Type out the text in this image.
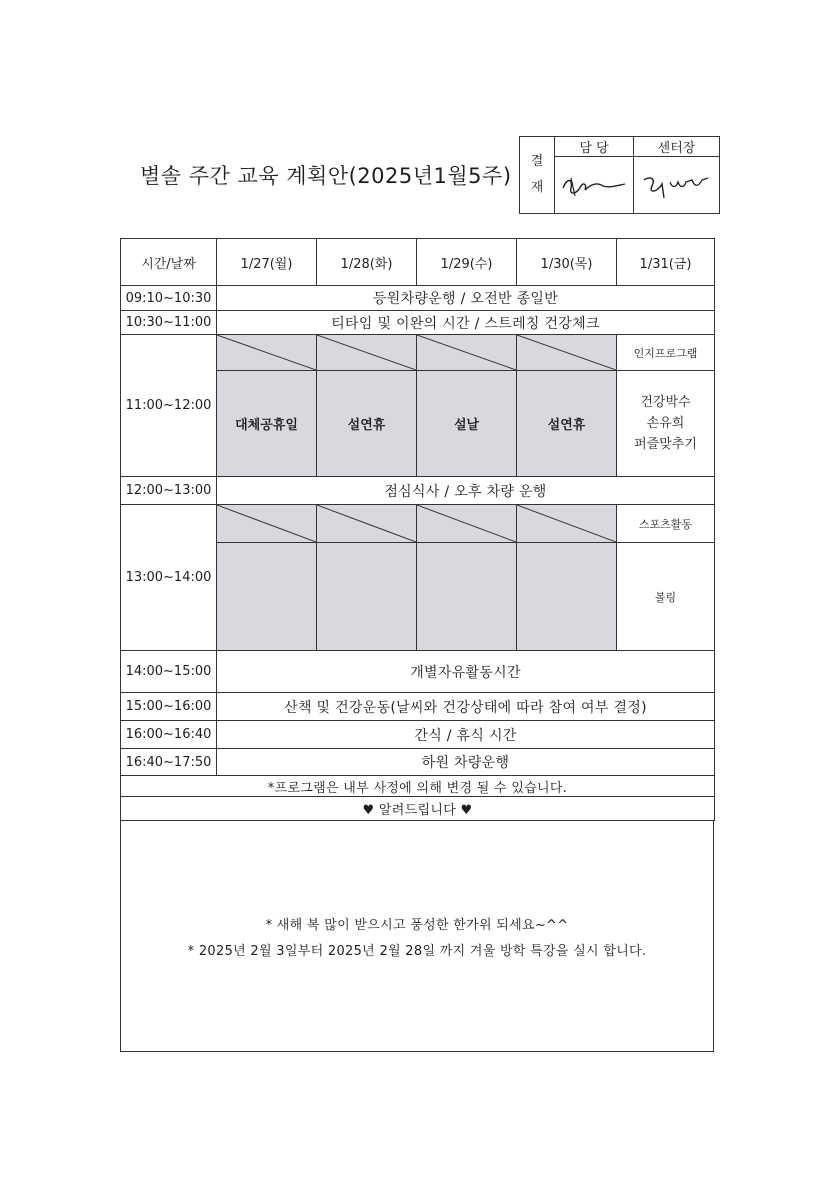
별솔 주간 교육 계획안(2025년1월5주)
결
재	담 당	센터장

시간/날짜	1/27(월)	1/28(화)	1/29(수)	1/30(목)	1/31(금)
09:10~10:30	등원차량운행 / 오전반 종일반				
10:30~11:00	티타임 및 이완의 시간 / 스트레칭 건강체크				
11:00~12:00					인지프로그램
	대체공휴일	설연휴	설날	설연휴	건강박수
손유희
퍼즐맞추기

12:00~13:00	점심식사 / 오후 차량 운행				
13:00~14:00					스포츠활동
					볼링
14:00~15:00	개별자유활동시간				
15:00~16:00	산책 및 건강운동(날씨와 건강상태에 따라 참여 여부 결정)				
16:00~16:40	간식 / 휴식 시간				
16:40~17:50	하원 차량운행				
*프로그램은 내부 사정에 의해 변경 될 수 있습니다.					
♥ 알려드립니다 ♥					
* 새해 복 많이 받으시고 풍성한 한가위 되세요~^^
* 2025년 2월 3일부터 2025년 2월 28일 까지 겨울 방학 특강을 실시 합니다.
